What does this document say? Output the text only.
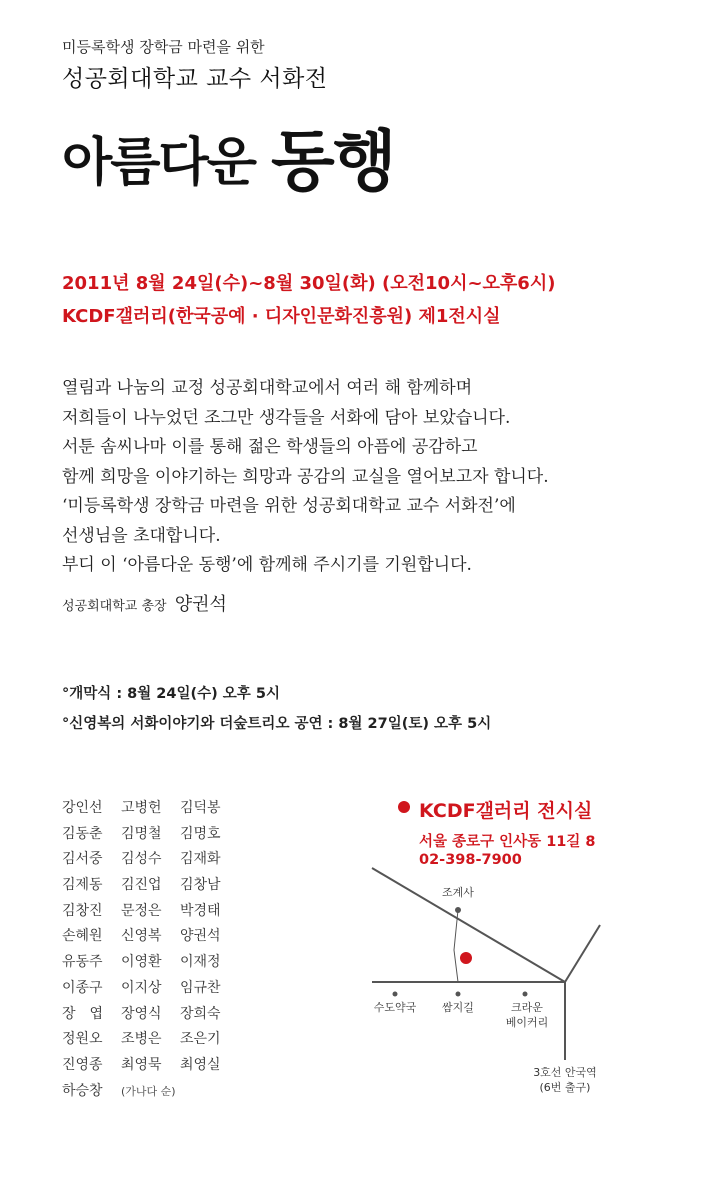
미등록학생 장학금 마련을 위한
성공회대학교 교수 서화전
아름다운 동행
2011년 8월 24일(수)~8월 30일(화) (오전10시~오후6시)
KCDF갤러리(한국공예 · 디자인문화진흥원) 제1전시실
열림과 나눔의 교정 성공회대학교에서 여러 해 함께하며
저희들이 나누었던 조그만 생각들을 서화에 담아 보았습니다.
서툰 솜씨나마 이를 통해 젊은 학생들의 아픔에 공감하고
함께 희망을 이야기하는 희망과 공감의 교실을 열어보고자 합니다.
‘미등록학생 장학금 마련을 위한 성공회대학교 교수 서화전’에
선생님을 초대합니다.
부디 이 ‘아름다운 동행’에 함께해 주시기를 기원합니다.
성공회대학교 총장 양권석
°개막식 : 8월 24일(수) 오후 5시
°신영복의 서화이야기와 더숲트리오 공연 : 8월 27일(토) 오후 5시
강인선 고병헌 김덕봉
김동춘 김명철 김명호
김서중 김성수 김재화
김제동 김진업 김창남
김창진 문정은 박경태
손혜원 신영복 양권석
유동주 이영환 이재정
이종구 이지상 임규찬
장　엽 장영식 장희숙
정원오 조병은 조은기
진영종 최영묵 최영실
하승창 (가나다 순)
KCDF갤러리 전시실
서울 종로구 인사동 11길 8
02-398-7900
조계사
수도약국 쌈지길	크라운
베이커리
3호선 안국역
(6번 출구)
